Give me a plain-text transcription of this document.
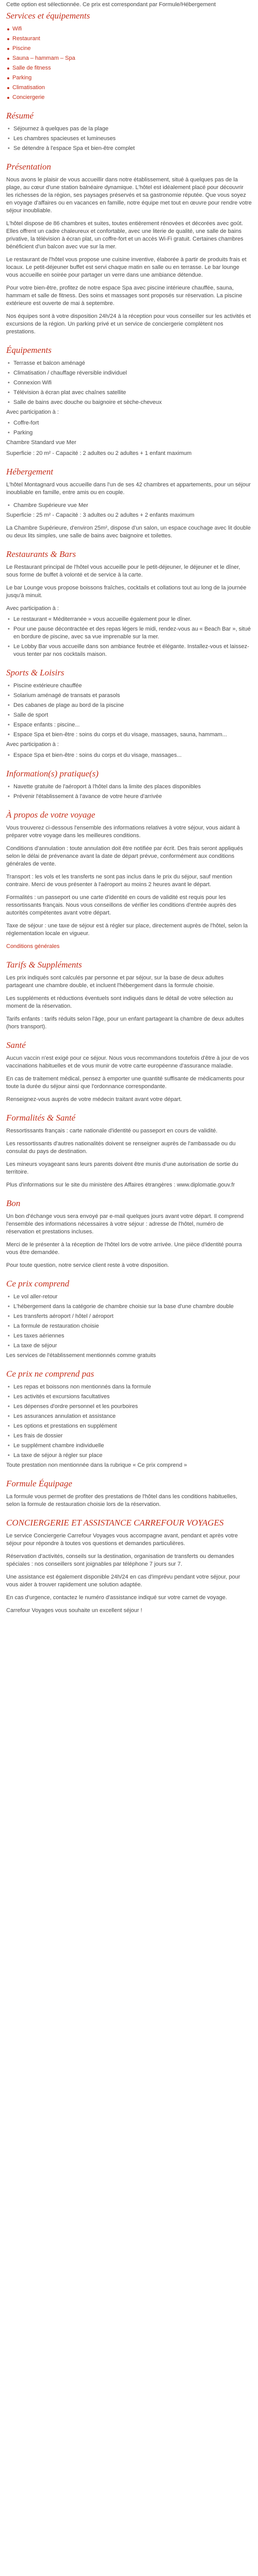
Cette option est sélectionnée. Ce prix est correspondant par Formule/Hébergement

Services et équipements
Wifi
Restaurant
Piscine
Sauna – hammam – Spa
Salle de fitness
Parking
Climatisation
Conciergerie
Résumé
• Séjournez à quelques pas de la plage
• Les chambres spacieuses et lumineuses
• Se détendre à l'espace Spa et bien-être complet
Présentation

Nous avons le plaisir de vous accueillir dans notre établissement, situé à quelques pas de la plage, au cœur d'une station balnéaire dynamique. L'hôtel est idéalement placé pour découvrir les richesses de la région, ses paysages préservés et sa gastronomie réputée. Que vous soyez en voyage d'affaires ou en vacances en famille, notre équipe met tout en œuvre pour rendre votre séjour inoubliable.

L'hôtel dispose de 86 chambres et suites, toutes entièrement rénovées et décorées avec goût. Elles offrent un cadre chaleureux et confortable, avec une literie de qualité, une salle de bains privative, la télévision à écran plat, un coffre-fort et un accès Wi-Fi gratuit. Certaines chambres bénéficient d'un balcon avec vue sur la mer.

Le restaurant de l'hôtel vous propose une cuisine inventive, élaborée à partir de produits frais et locaux. Le petit-déjeuner buffet est servi chaque matin en salle ou en terrasse. Le bar lounge vous accueille en soirée pour partager un verre dans une ambiance détendue.

Pour votre bien-être, profitez de notre espace Spa avec piscine intérieure chauffée, sauna, hammam et salle de fitness. Des soins et massages sont proposés sur réservation. La piscine extérieure est ouverte de mai à septembre.

Nos équipes sont à votre disposition 24h/24 à la réception pour vous conseiller sur les activités et excursions de la région. Un parking privé et un service de conciergerie complètent nos prestations.

Équipements
• Terrasse et balcon aménagé
• Climatisation / chauffage réversible individuel
• Connexion Wifi
• Télévision à écran plat avec chaînes satellite
• Salle de bains avec douche ou baignoire et sèche-cheveux

Avec participation à :

• Coffre-fort
• Parking

Chambre Standard vue Mer

Superficie : 20 m² - Capacité : 2 adultes ou 2 adultes + 1 enfant maximum

Hébergement

L'hôtel Montagnard vous accueille dans l'un de ses 42 chambres et appartements, pour un séjour inoubliable en famille, entre amis ou en couple.

• Chambre Supérieure vue Mer

Superficie : 25 m² - Capacité : 3 adultes ou 2 adultes + 2 enfants maximum

La Chambre Supérieure, d'environ 25m², dispose d'un salon, un espace couchage avec lit double ou deux lits simples, une salle de bains avec baignoire et toilettes.

Restaurants & Bars

Le Restaurant principal de l'hôtel vous accueille pour le petit-déjeuner, le déjeuner et le dîner, sous forme de buffet à volonté et de service à la carte.

Le bar Lounge vous propose boissons fraîches, cocktails et collations tout au long de la journée jusqu'à minuit.

Avec participation à :

• Le restaurant « Méditerranée » vous accueille également pour le dîner.
• Pour une pause décontractée et des repas légers le midi, rendez-vous au « Beach Bar », situé en bordure de piscine, avec sa vue imprenable sur la mer.
• Le Lobby Bar vous accueille dans son ambiance feutrée et élégante. Installez-vous et laissez-vous tenter par nos cocktails maison.
Sports & Loisirs
• Piscine extérieure chauffée
• Solarium aménagé de transats et parasols
• Des cabanes de plage au bord de la piscine
• Salle de sport
• Espace enfants : piscine...
• Espace Spa et bien-être : soins du corps et du visage, massages, sauna, hammam...

Avec participation à :

• Espace Spa et bien-être : soins du corps et du visage, massages...
Information(s) pratique(s)
• Navette gratuite de l'aéroport à l'hôtel dans la limite des places disponibles
• Prévenir l'établissement à l'avance de votre heure d'arrivée
À propos de votre voyage

Vous trouverez ci-dessous l'ensemble des informations relatives à votre séjour, vous aidant à préparer votre voyage dans les meilleures conditions.

Conditions d'annulation : toute annulation doit être notifiée par écrit. Des frais seront appliqués selon le délai de prévenance avant la date de départ prévue, conformément aux conditions générales de vente.

Transport : les vols et les transferts ne sont pas inclus dans le prix du séjour, sauf mention contraire. Merci de vous présenter à l'aéroport au moins 2 heures avant le départ.

Formalités : un passeport ou une carte d'identité en cours de validité est requis pour les ressortissants français. Nous vous conseillons de vérifier les conditions d'entrée auprès des autorités compétentes avant votre départ.

Taxe de séjour : une taxe de séjour est à régler sur place, directement auprès de l'hôtel, selon la réglementation locale en vigueur.

Conditions générales

Tarifs & Suppléments

Les prix indiqués sont calculés par personne et par séjour, sur la base de deux adultes partageant une chambre double, et incluent l'hébergement dans la formule choisie.

Les suppléments et réductions éventuels sont indiqués dans le détail de votre sélection au moment de la réservation.

Tarifs enfants : tarifs réduits selon l'âge, pour un enfant partageant la chambre de deux adultes (hors transport).

Santé

Aucun vaccin n'est exigé pour ce séjour. Nous vous recommandons toutefois d'être à jour de vos vaccinations habituelles et de vous munir de votre carte européenne d'assurance maladie.

En cas de traitement médical, pensez à emporter une quantité suffisante de médicaments pour toute la durée du séjour ainsi que l'ordonnance correspondante.

Renseignez-vous auprès de votre médecin traitant avant votre départ.

Formalités & Santé

Ressortissants français : carte nationale d'identité ou passeport en cours de validité.

Les ressortissants d'autres nationalités doivent se renseigner auprès de l'ambassade ou du consulat du pays de destination.

Les mineurs voyageant sans leurs parents doivent être munis d'une autorisation de sortie du territoire.

Plus d'informations sur le site du ministère des Affaires étrangères : www.diplomatie.gouv.fr

Bon

Un bon d'échange vous sera envoyé par e-mail quelques jours avant votre départ. Il comprend l'ensemble des informations nécessaires à votre séjour : adresse de l'hôtel, numéro de réservation et prestations incluses.

Merci de le présenter à la réception de l'hôtel lors de votre arrivée. Une pièce d'identité pourra vous être demandée.

Pour toute question, notre service client reste à votre disposition.

Ce prix comprend
• Le vol aller-retour
• L'hébergement dans la catégorie de chambre choisie sur la base d'une chambre double
• Les transferts aéroport / hôtel / aéroport
• La formule de restauration choisie
• Les taxes aériennes
• La taxe de séjour

Les services de l'établissement mentionnés comme gratuits

Ce prix ne comprend pas
• Les repas et boissons non mentionnés dans la formule
• Les activités et excursions facultatives
• Les dépenses d'ordre personnel et les pourboires
• Les assurances annulation et assistance
• Les options et prestations en supplément
• Les frais de dossier
• Le supplément chambre individuelle
• La taxe de séjour à régler sur place

Toute prestation non mentionnée dans la rubrique « Ce prix comprend »

Formule Équipage

La formule vous permet de profiter des prestations de l'hôtel dans les conditions habituelles, selon la formule de restauration choisie lors de la réservation.

CONCIERGERIE ET ASSISTANCE CARREFOUR VOYAGES

Le service Conciergerie Carrefour Voyages vous accompagne avant, pendant et après votre séjour pour répondre à toutes vos questions et demandes particulières.

Réservation d'activités, conseils sur la destination, organisation de transferts ou demandes spéciales : nos conseillers sont joignables par téléphone 7 jours sur 7.

Une assistance est également disponible 24h/24 en cas d'imprévu pendant votre séjour, pour vous aider à trouver rapidement une solution adaptée.

En cas d'urgence, contactez le numéro d'assistance indiqué sur votre carnet de voyage.

Carrefour Voyages vous souhaite un excellent séjour !
